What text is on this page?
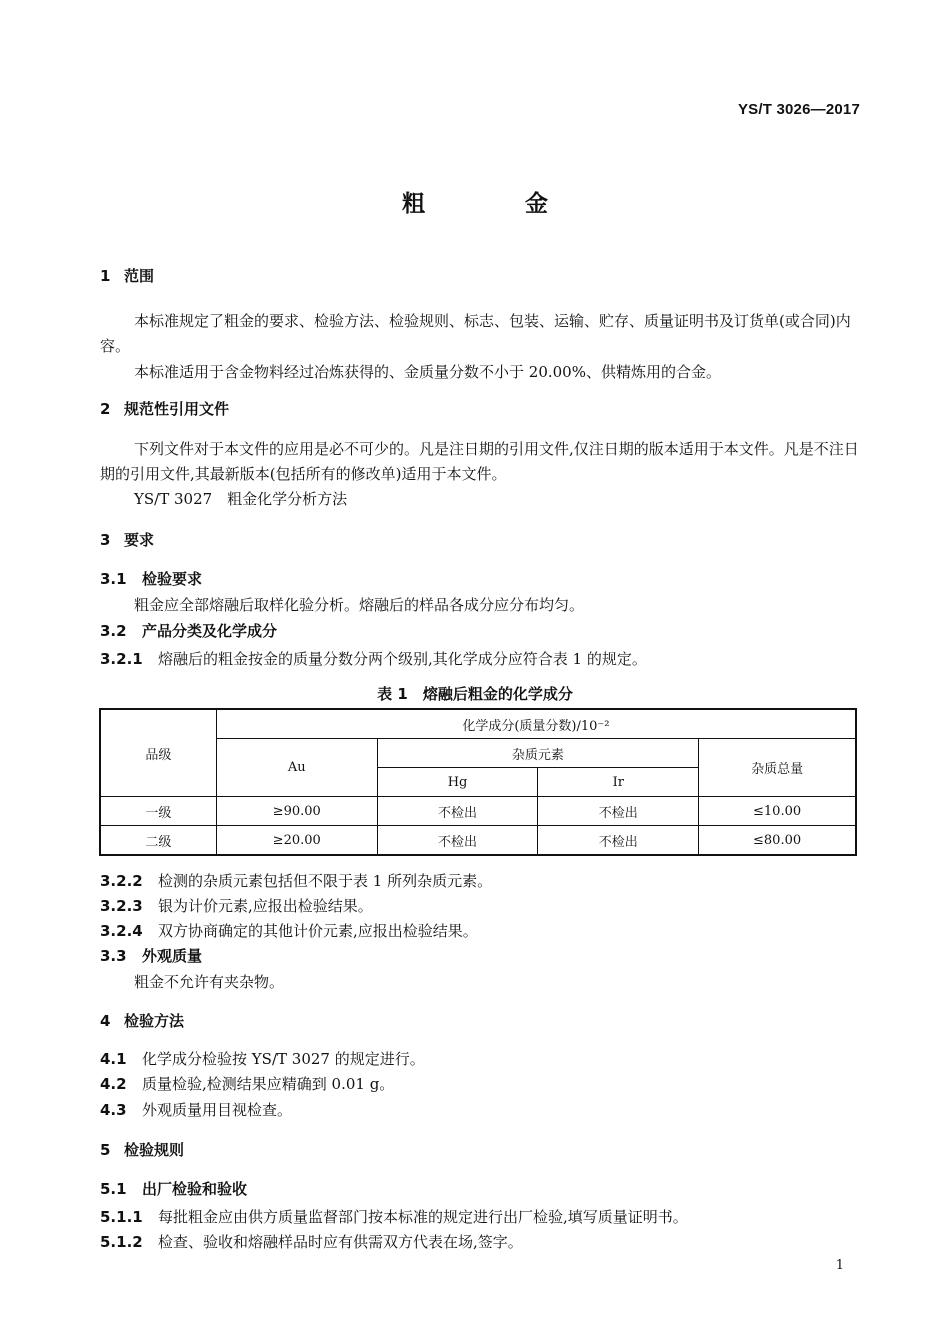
YS/T 3026—2017
粗 金
1 范围
本标准规定了粗金的要求、检验方法、检验规则、标志、包装、运输、贮存、质量证明书及订货单(或合同)内容。
本标准适用于含金物料经过冶炼获得的、金质量分数不小于 20.00%、供精炼用的合金。
2 规范性引用文件
下列文件对于本文件的应用是必不可少的。凡是注日期的引用文件,仅注日期的版本适用于本文件。凡是不注日期的引用文件,其最新版本(包括所有的修改单)适用于本文件。
YS/T 3027　粗金化学分析方法
3 要求
3.1 检验要求
粗金应全部熔融后取样化验分析。熔融后的样品各成分应分布均匀。
3.2 产品分类及化学成分
3.2.1 熔融后的粗金按金的质量分数分两个级别,其化学成分应符合表 1 的规定。
表 1　熔融后粗金的化学成分
品级	化学成分(质量分数)/10⁻²			
	Au	杂质元素		杂质总量
		Hg	Ir	
一级	≥90.00	不检出	不检出	≤10.00
二级	≥20.00	不检出	不检出	≤80.00
3.2.2 检测的杂质元素包括但不限于表 1 所列杂质元素。
3.2.3 银为计价元素,应报出检验结果。
3.2.4 双方协商确定的其他计价元素,应报出检验结果。
3.3 外观质量
粗金不允许有夹杂物。
4 检验方法
4.1 化学成分检验按 YS/T 3027 的规定进行。
4.2 质量检验,检测结果应精确到 0.01 g。
4.3 外观质量用目视检查。
5 检验规则
5.1 出厂检验和验收
5.1.1 每批粗金应由供方质量监督部门按本标准的规定进行出厂检验,填写质量证明书。
5.1.2 检查、验收和熔融样品时应有供需双方代表在场,签字。
1
